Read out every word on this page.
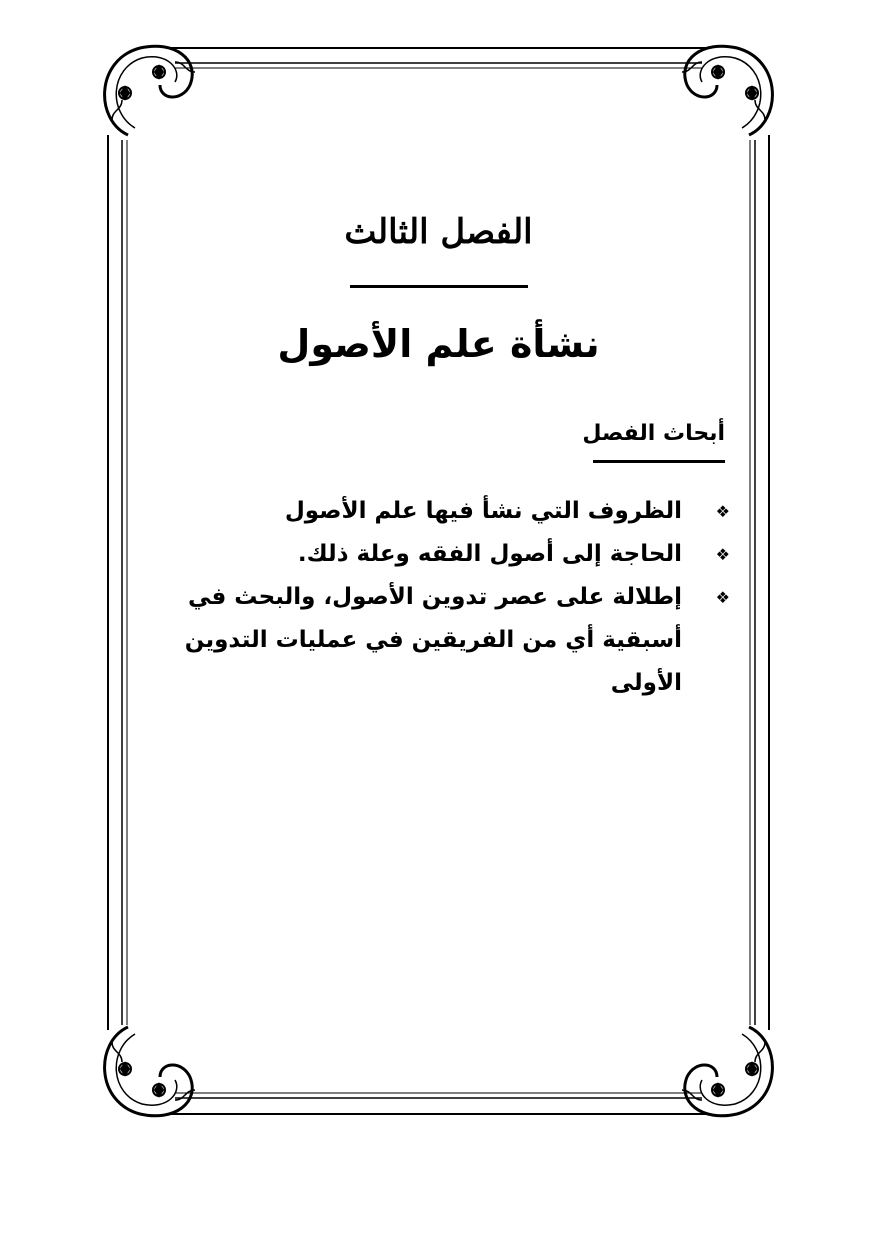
الفصل الثالث
نشأة علم الأصول
أبحاث الفصل
❖
الظروف التي نشأ فيها علم الأصول
❖
الحاجة إلى أصول الفقه وعلة ذلك.
❖
إطلالة على عصر تدوين الأصول، والبحث في أسبقية أي من الفريقين في عمليات التدوين الأولى
